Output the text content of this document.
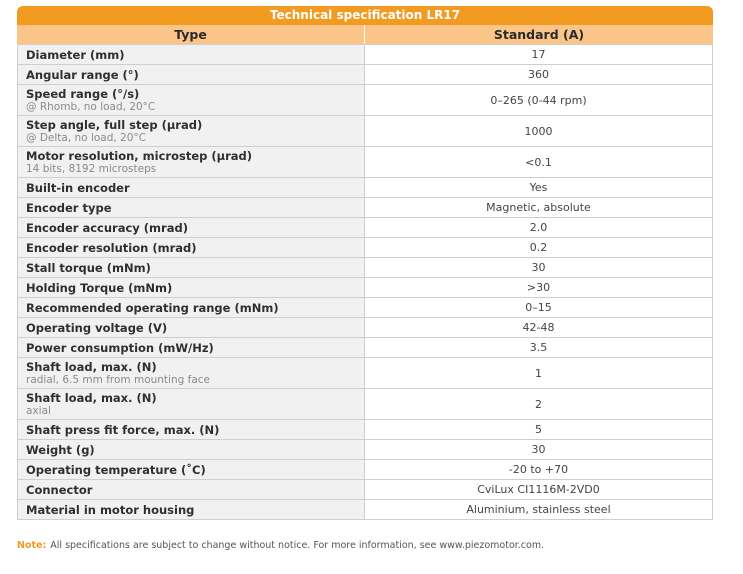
Technical specification LR17
Type	Standard (A)
Diameter (mm)	17

Angular range (°)	360

Speed range (°/s)
@ Rhomb, no load, 20°C	0–265 (0-44 rpm)

Step angle, full step (µrad)
@ Delta, no load, 20°C	1000

Motor resolution, microstep (µrad)
14 bits, 8192 microsteps	<0.1

Built-in encoder	Yes

Encoder type	Magnetic, absolute

Encoder accuracy (mrad)	2.0

Encoder resolution (mrad)	0.2

Stall torque (mNm)	30

Holding Torque (mNm)	>30

Recommended operating range (mNm)	0–15

Operating voltage (V)	42-48

Power consumption (mW/Hz)	3.5

Shaft load, max. (N)
radial, 6.5 mm from mounting face	1

Shaft load, max. (N)
axial	2

Shaft press fit force, max. (N)	5

Weight (g)	30

Operating temperature (˚C)	-20 to +70

Connector	CviLux CI1116M-2VD0

Material in motor housing	Aluminium, stainless steel
Note: All specifications are subject to change without notice. For more information, see www.piezomotor.com.
